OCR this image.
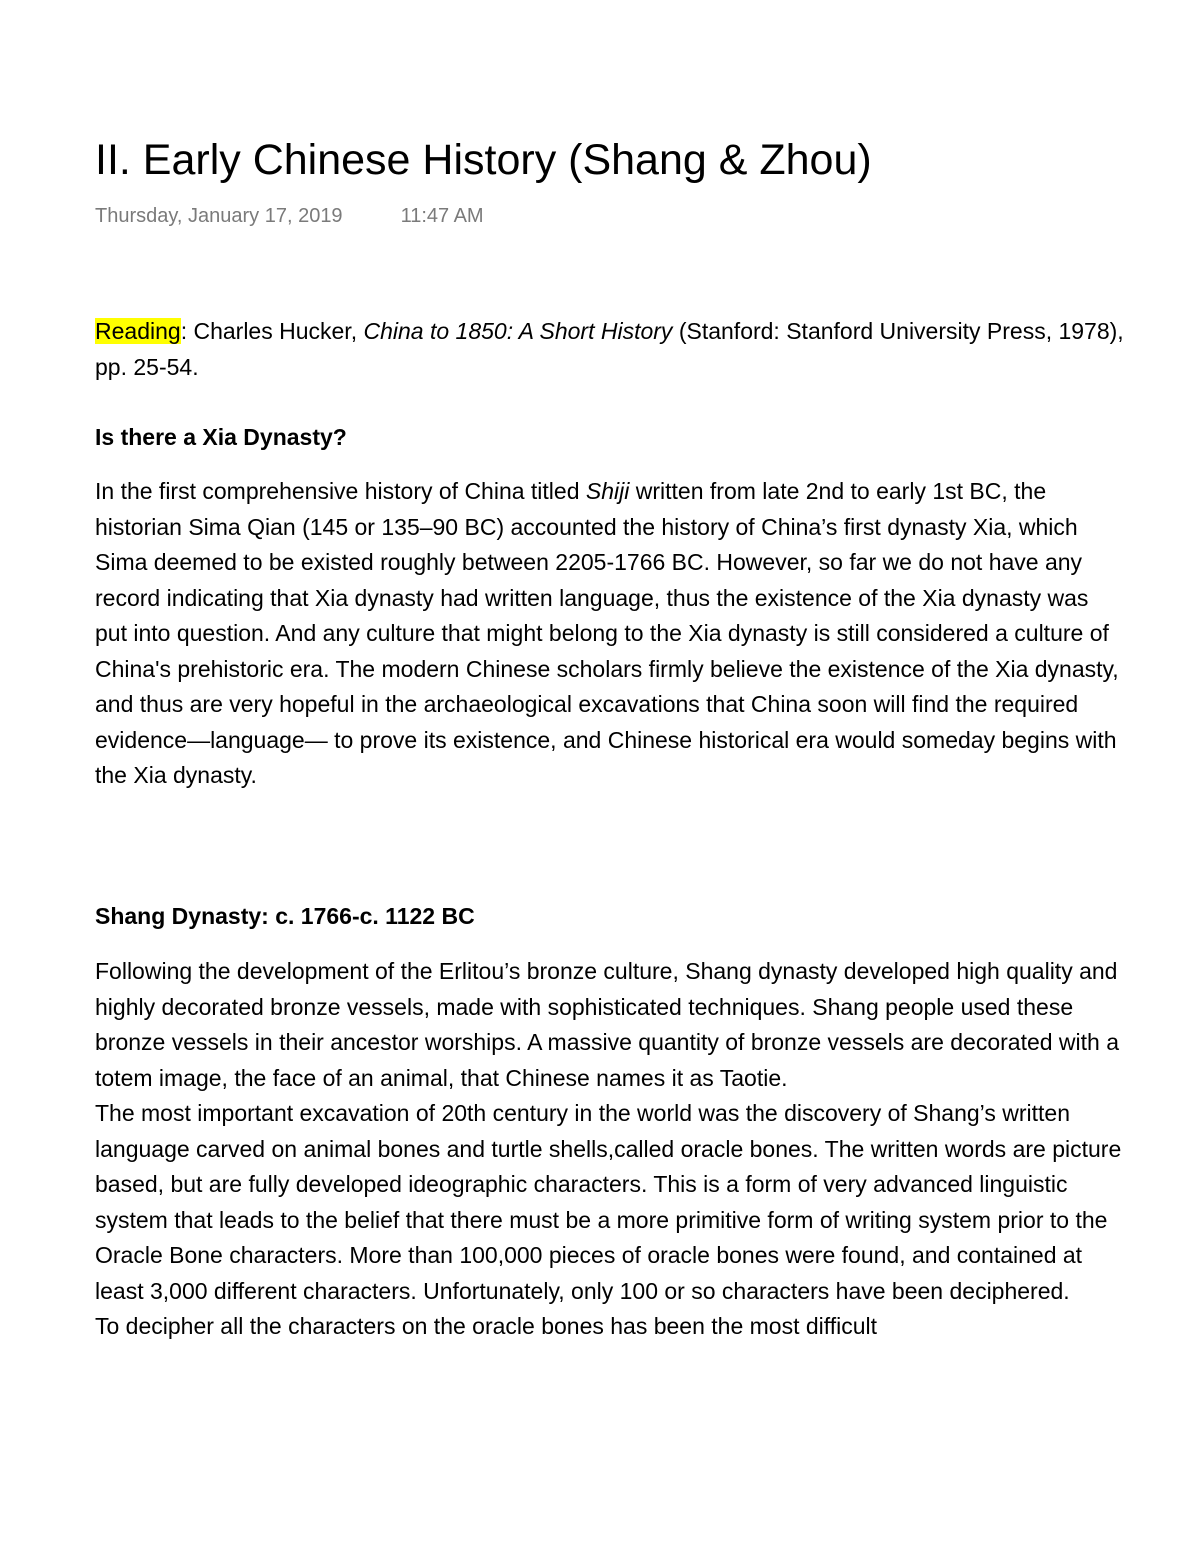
II. Early Chinese History (Shang & Zhou)
Thursday, January 17, 2019	11:47 AM

Reading: Charles Hucker, China to 1850: A Short History (Stanford: Stanford University Press, 1978), pp. 25-54.

Is there a Xia Dynasty?

In the first comprehensive history of China titled Shiji written from late 2nd to early 1st BC, the historian Sima Qian (145 or 135–90 BC) accounted the history of China’s first dynasty Xia, which Sima deemed to be existed roughly between 2205-1766 BC. However, so far we do not have any record indicating that Xia dynasty had written language, thus the existence of the Xia dynasty was put into question. And any culture that might belong to the Xia dynasty is still considered a culture of China's prehistoric era. The modern Chinese scholars firmly believe the existence of the Xia dynasty, and thus are very hopeful in the archaeological excavations that China soon will find the required evidence—language— to prove its existence, and Chinese historical era would someday begins with the Xia dynasty.

Shang Dynasty: c. 1766-c. 1122 BC

Following the development of the Erlitou’s bronze culture, Shang dynasty developed high quality and highly decorated bronze vessels, made with sophisticated techniques. Shang people used these bronze vessels in their ancestor worships. A massive quantity of bronze vessels are decorated with a totem image, the face of an animal, that Chinese names it as Taotie.

The most important excavation of 20th century in the world was the discovery of Shang’s written language carved on animal bones and turtle shells,called oracle bones. The written words are picture based, but are fully developed ideographic characters. This is a form of very advanced linguistic system that leads to the belief that there must be a more primitive form of writing system prior to the Oracle Bone characters. More than 100,000 pieces of oracle bones were found, and contained at least 3,000 different characters. Unfortunately, only 100 or so characters have been deciphered.

To decipher all the characters on the oracle bones has been the most difficult
